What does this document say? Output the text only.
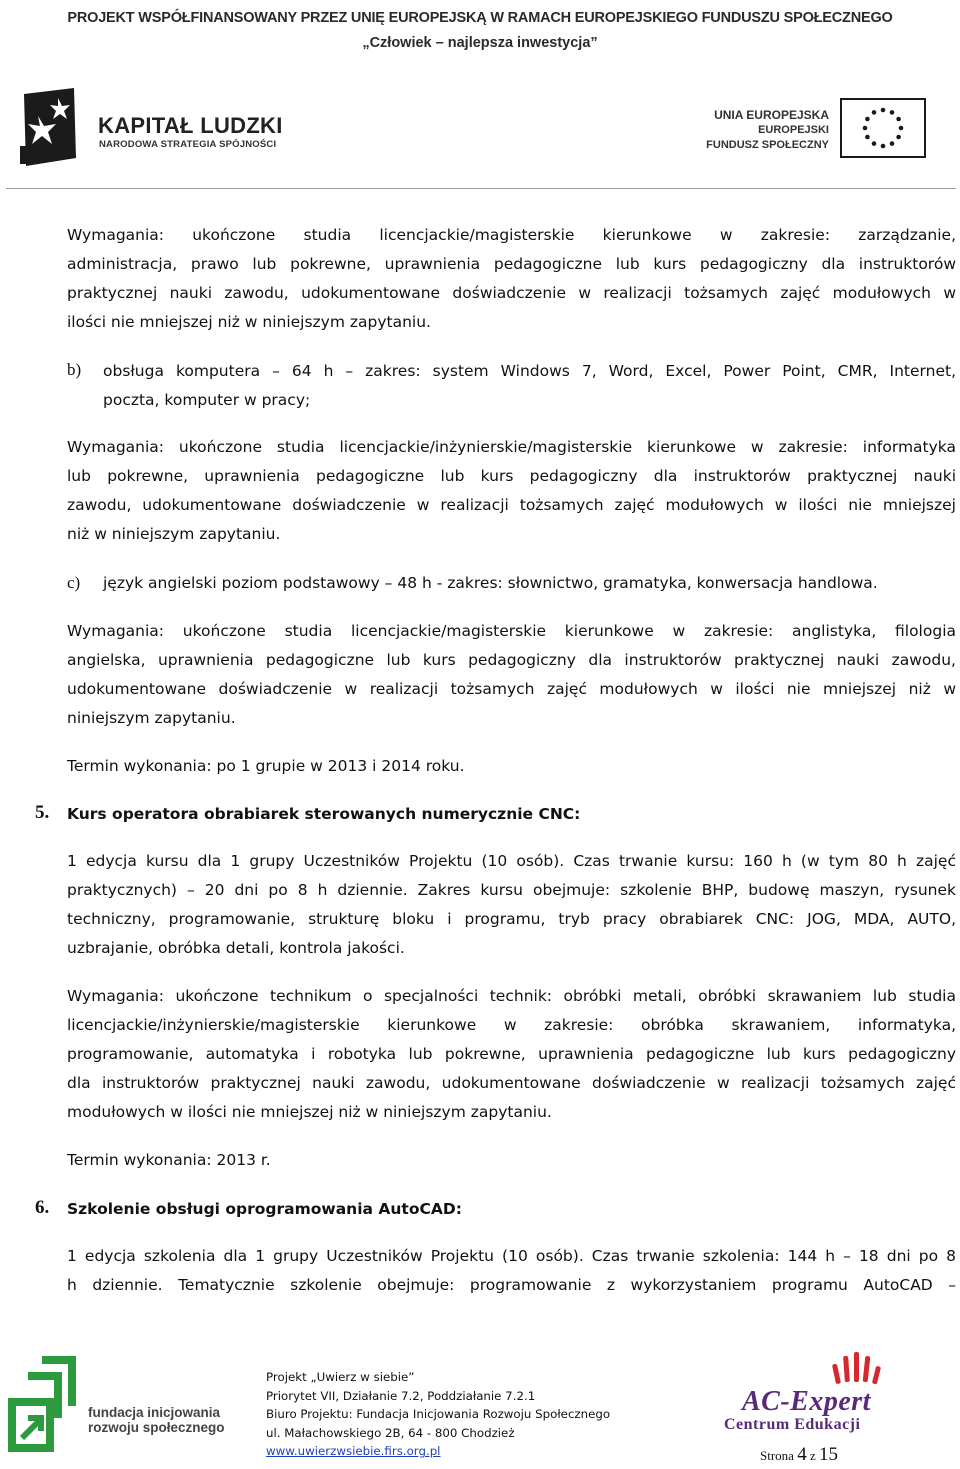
PROJEKT WSPÓŁFINANSOWANY PRZEZ UNIĘ EUROPEJSKĄ W RAMACH EUROPEJSKIEGO FUNDUSZU SPOŁECZNEGO
„Człowiek – najlepsza inwestycja”
KAPITAŁ LUDZKI
NARODOWA STRATEGIA SPÓJNOŚCI
UNIA EUROPEJSKA
EUROPEJSKI
FUNDUSZ SPOŁECZNY
Wymagania: ukończone studia licencjackie/magisterskie kierunkowe w zakresie: zarządzanie,
administracja, prawo lub pokrewne, uprawnienia pedagogiczne lub kurs pedagogiczny dla instruktorów
praktycznej nauki zawodu, udokumentowane doświadczenie w realizacji tożsamych zajęć modułowych w
ilości nie mniejszej niż w niniejszym zapytaniu.
b) obsługa komputera – 64 h – zakres: system Windows 7, Word, Excel, Power Point, CMR, Internet,
poczta, komputer w pracy;
Wymagania: ukończone studia licencjackie/inżynierskie/magisterskie kierunkowe w zakresie: informatyka
lub pokrewne, uprawnienia pedagogiczne lub kurs pedagogiczny dla instruktorów praktycznej nauki
zawodu, udokumentowane doświadczenie w realizacji tożsamych zajęć modułowych w ilości nie mniejszej
niż w niniejszym zapytaniu.
c) język angielski poziom podstawowy – 48 h - zakres: słownictwo, gramatyka, konwersacja handlowa.
Wymagania: ukończone studia licencjackie/magisterskie kierunkowe w zakresie: anglistyka, filologia
angielska, uprawnienia pedagogiczne lub kurs pedagogiczny dla instruktorów praktycznej nauki zawodu,
udokumentowane doświadczenie w realizacji tożsamych zajęć modułowych w ilości nie mniejszej niż w
niniejszym zapytaniu.
Termin wykonania: po 1 grupie w 2013 i 2014 roku.
5. Kurs operatora obrabiarek sterowanych numerycznie CNC:
1 edycja kursu dla 1 grupy Uczestników Projektu (10 osób). Czas trwanie kursu: 160 h (w tym 80 h zajęć
praktycznych) – 20 dni po 8 h dziennie. Zakres kursu obejmuje: szkolenie BHP, budowę maszyn, rysunek
techniczny, programowanie, strukturę bloku i programu, tryb pracy obrabiarek CNC: JOG, MDA, AUTO,
uzbrajanie, obróbka detali, kontrola jakości.
Wymagania: ukończone technikum o specjalności technik: obróbki metali, obróbki skrawaniem lub studia
licencjackie/inżynierskie/magisterskie kierunkowe w zakresie: obróbka skrawaniem, informatyka,
programowanie, automatyka i robotyka lub pokrewne, uprawnienia pedagogiczne lub kurs pedagogiczny
dla instruktorów praktycznej nauki zawodu, udokumentowane doświadczenie w realizacji tożsamych zajęć
modułowych w ilości nie mniejszej niż w niniejszym zapytaniu.
Termin wykonania: 2013 r.
6. Szkolenie obsługi oprogramowania AutoCAD:
1 edycja szkolenia dla 1 grupy Uczestników Projektu (10 osób). Czas trwanie szkolenia: 144 h – 18 dni po 8
h dziennie. Tematycznie szkolenie obejmuje: programowanie z wykorzystaniem programu AutoCAD –
fundacja inicjowania
rozwoju społecznego
Projekt „Uwierz w siebie”
Priorytet VII, Działanie 7.2, Poddziałanie 7.2.1
Biuro Projektu: Fundacja Inicjowania Rozwoju Społecznego
ul. Małachowskiego 2B, 64 - 800 Chodzież
www.uwierzwsiebie.firs.org.pl
AC-Expert
Centrum Edukacji
Strona 4 z 15
